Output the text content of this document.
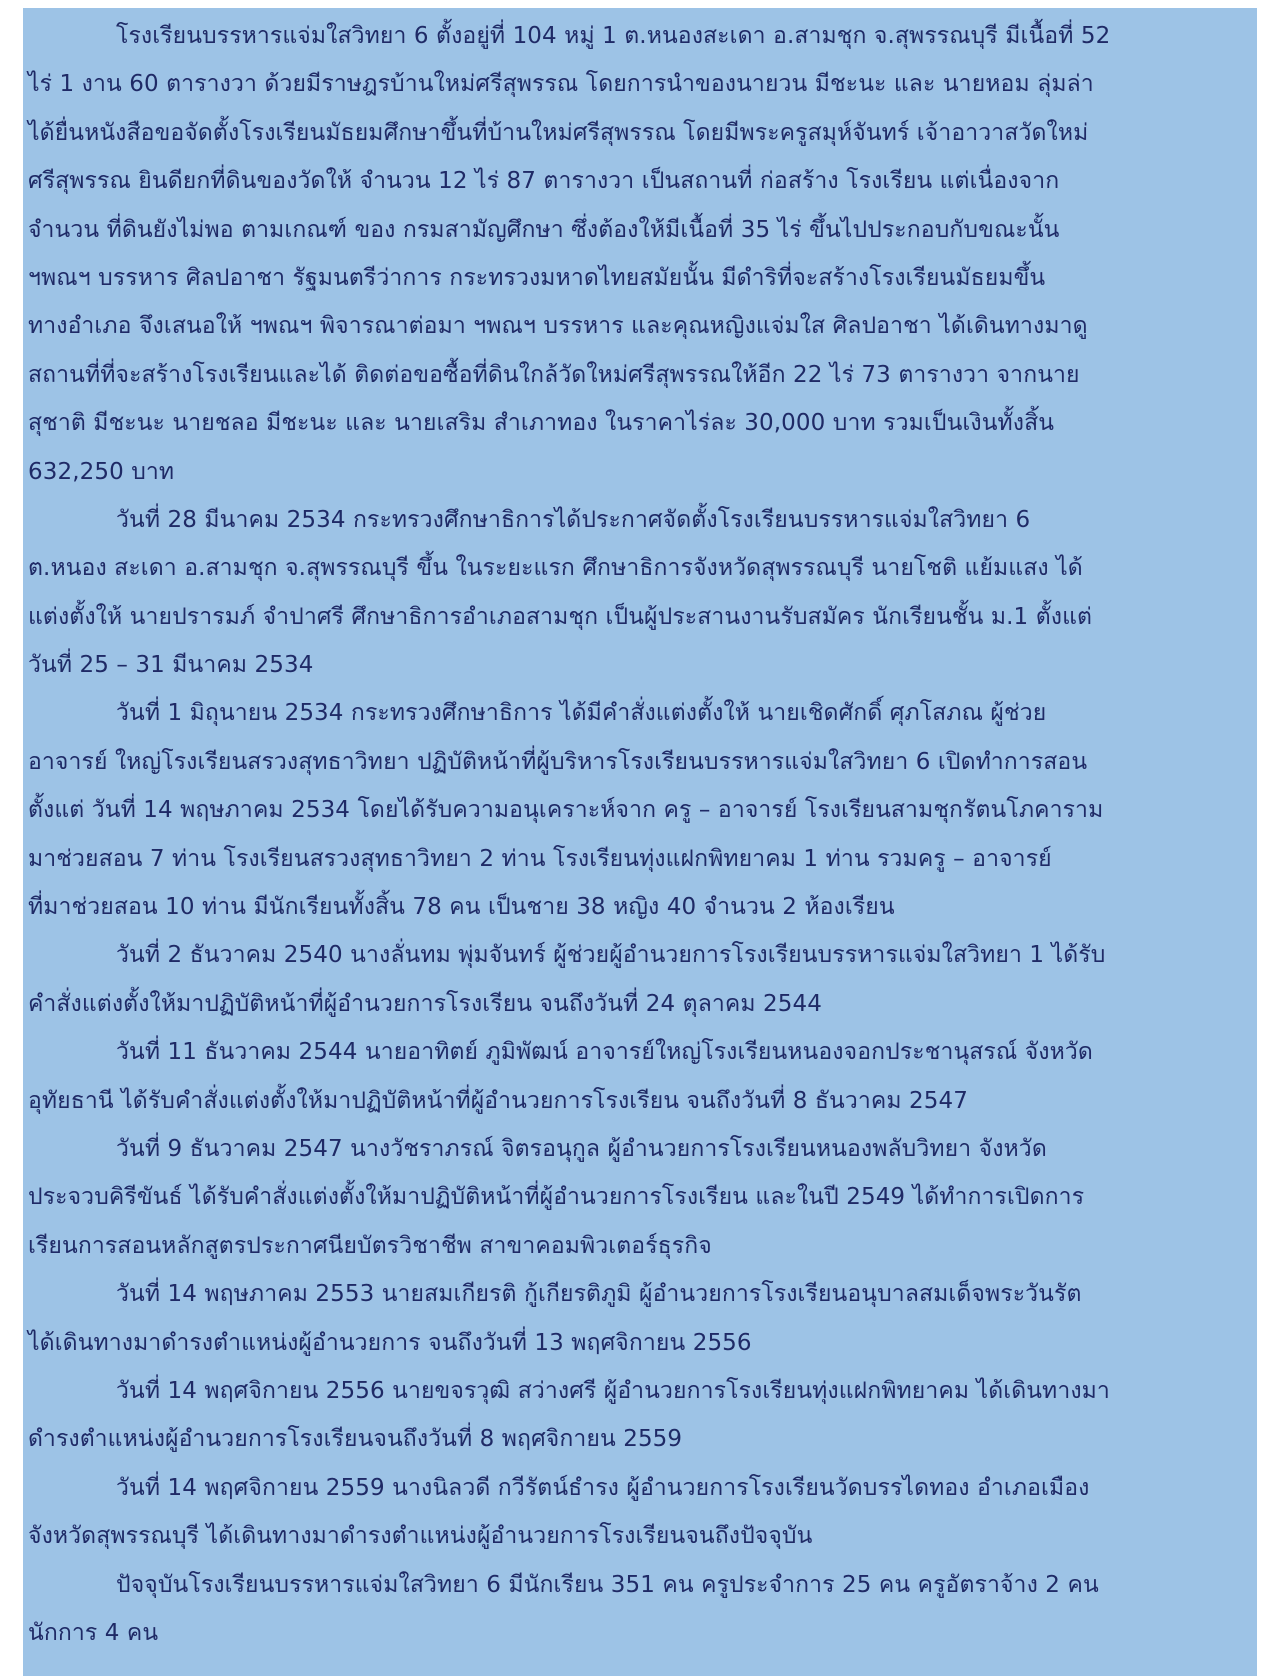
โรงเรียนบรรหารแจ่มใสวิทยา 6 ตั้งอยู่ที่ 104 หมู่ 1 ต.หนองสะเดา อ.สามชุก จ.สุพรรณบุรี มีเนื้อที่ 52
ไร่ 1 งาน 60 ตารางวา ด้วยมีราษฎรบ้านใหม่ศรีสุพรรณ โดยการนำของนายวน มีชะนะ และ นายหอม ลุ่มล่า
ได้ยื่นหนังสือขอจัดตั้งโรงเรียนมัธยมศึกษาขึ้นที่บ้านใหม่ศรีสุพรรณ โดยมีพระครูสมุห์จันทร์ เจ้าอาวาสวัดใหม่
ศรีสุพรรณ ยินดียกที่ดินของวัดให้ จำนวน 12 ไร่ 87 ตารางวา เป็นสถานที่ ก่อสร้าง โรงเรียน แต่เนื่องจาก
จำนวน ที่ดินยังไม่พอ ตามเกณฑ์ ของ กรมสามัญศึกษา ซึ่งต้องให้มีเนื้อที่ 35 ไร่ ขึ้นไปประกอบกับขณะนั้น
ฯพณฯ บรรหาร ศิลปอาชา รัฐมนตรีว่าการ กระทรวงมหาดไทยสมัยนั้น มีดำริที่จะสร้างโรงเรียนมัธยมขึ้น
ทางอำเภอ จึงเสนอให้ ฯพณฯ พิจารณาต่อมา ฯพณฯ บรรหาร และคุณหญิงแจ่มใส ศิลปอาชา ได้เดินทางมาดู
สถานที่ที่จะสร้างโรงเรียนและได้ ติดต่อขอซื้อที่ดินใกล้วัดใหม่ศรีสุพรรณให้อีก 22 ไร่ 73 ตารางวา จากนาย
สุชาติ มีชะนะ นายชลอ มีชะนะ และ นายเสริม สำเภาทอง ในราคาไร่ละ 30,000 บาท รวมเป็นเงินทั้งสิ้น
632,250 บาท
วันที่ 28 มีนาคม 2534 กระทรวงศึกษาธิการได้ประกาศจัดตั้งโรงเรียนบรรหารแจ่มใสวิทยา 6
ต.หนอง สะเดา อ.สามชุก จ.สุพรรณบุรี ขึ้น ในระยะแรก ศึกษาธิการจังหวัดสุพรรณบุรี นายโชติ แย้มแสง ได้
แต่งตั้งให้ นายปรารมภ์ จำปาศรี ศึกษาธิการอำเภอสามชุก เป็นผู้ประสานงานรับสมัคร นักเรียนชั้น ม.1 ตั้งแต่
วันที่ 25 – 31 มีนาคม 2534
วันที่ 1 มิถุนายน 2534 กระทรวงศึกษาธิการ ได้มีคำสั่งแต่งตั้งให้ นายเชิดศักดิ์ ศุภโสภณ ผู้ช่วย
อาจารย์ ใหญ่โรงเรียนสรวงสุทธาวิทยา ปฏิบัติหน้าที่ผู้บริหารโรงเรียนบรรหารแจ่มใสวิทยา 6 เปิดทำการสอน
ตั้งแต่ วันที่ 14 พฤษภาคม 2534 โดยได้รับความอนุเคราะห์จาก ครู – อาจารย์ โรงเรียนสามชุกรัตนโภคาราม
มาช่วยสอน 7 ท่าน โรงเรียนสรวงสุทธาวิทยา 2 ท่าน โรงเรียนทุ่งแฝกพิทยาคม 1 ท่าน รวมครู – อาจารย์
ที่มาช่วยสอน 10 ท่าน มีนักเรียนทั้งสิ้น 78 คน เป็นชาย 38 หญิง 40 จำนวน 2 ห้องเรียน
วันที่ 2 ธันวาคม 2540 นางลั่นทม พุ่มจันทร์ ผู้ช่วยผู้อำนวยการโรงเรียนบรรหารแจ่มใสวิทยา 1 ได้รับ
คำสั่งแต่งตั้งให้มาปฏิบัติหน้าที่ผู้อำนวยการโรงเรียน จนถึงวันที่ 24 ตุลาคม 2544
วันที่ 11 ธันวาคม 2544 นายอาทิตย์ ภูมิพัฒน์ อาจารย์ใหญ่โรงเรียนหนองจอกประชานุสรณ์ จังหวัด
อุทัยธานี ได้รับคำสั่งแต่งตั้งให้มาปฏิบัติหน้าที่ผู้อำนวยการโรงเรียน จนถึงวันที่ 8 ธันวาคม 2547
วันที่ 9 ธันวาคม 2547 นางวัชราภรณ์ จิตรอนุกูล ผู้อำนวยการโรงเรียนหนองพลับวิทยา จังหวัด
ประจวบคิรีขันธ์ ได้รับคำสั่งแต่งตั้งให้มาปฏิบัติหน้าที่ผู้อำนวยการโรงเรียน และในปี 2549 ได้ทำการเปิดการ
เรียนการสอนหลักสูตรประกาศนียบัตรวิชาชีพ สาขาคอมพิวเตอร์ธุรกิจ
วันที่ 14 พฤษภาคม 2553 นายสมเกียรติ กู้เกียรติภูมิ ผู้อำนวยการโรงเรียนอนุบาลสมเด็จพระวันรัต
ได้เดินทางมาดำรงตำแหน่งผู้อำนวยการ จนถึงวันที่ 13 พฤศจิกายน 2556
วันที่ 14 พฤศจิกายน 2556 นายขจรวุฒิ สว่างศรี ผู้อำนวยการโรงเรียนทุ่งแฝกพิทยาคม ได้เดินทางมา
ดำรงตำแหน่งผู้อำนวยการโรงเรียนจนถึงวันที่ 8 พฤศจิกายน 2559
วันที่ 14 พฤศจิกายน 2559 นางนิลวดี กวีรัตน์ธำรง ผู้อำนวยการโรงเรียนวัดบรรไดทอง อำเภอเมือง
จังหวัดสุพรรณบุรี ได้เดินทางมาดำรงตำแหน่งผู้อำนวยการโรงเรียนจนถึงปัจจุบัน
ปัจจุบันโรงเรียนบรรหารแจ่มใสวิทยา 6 มีนักเรียน 351 คน ครูประจำการ 25 คน ครูอัตราจ้าง 2 คน
นักการ 4 คน
